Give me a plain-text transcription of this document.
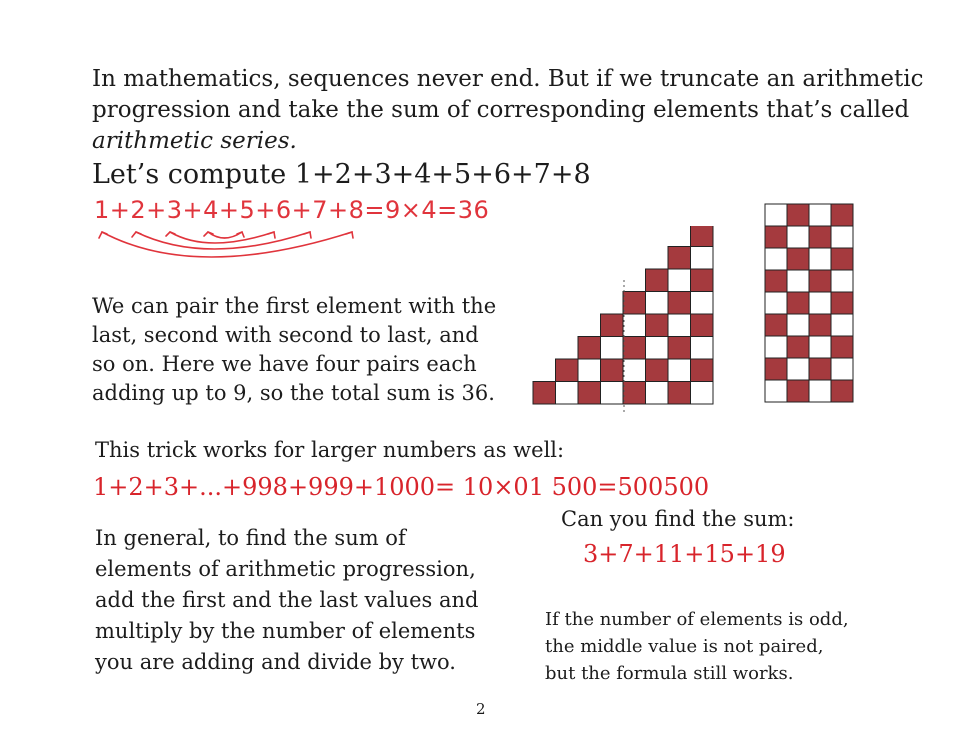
In mathematics, sequences never end. But if we truncate an arithmetic
progression and take the sum of corresponding elements that’s called
arithmetic series.
Let’s compute 1+2+3+4+5+6+7+8
1+2+3+4+5+6+7+8=9×4=36
We can pair the first element with the
last, second with second to last, and
so on. Here we have four pairs each
adding up to 9, so the total sum is 36.
This trick works for larger numbers as well:
1+2+3+...+998+999+1000= 10×01 500=500500
In general, to find the sum of
elements of arithmetic progression,
add the first and the last values and
multiply by the number of elements
you are adding and divide by two.
Can you find the sum:
3+7+11+15+19
If the number of elements is odd,
the middle value is not paired,
but the formula still works.
2
